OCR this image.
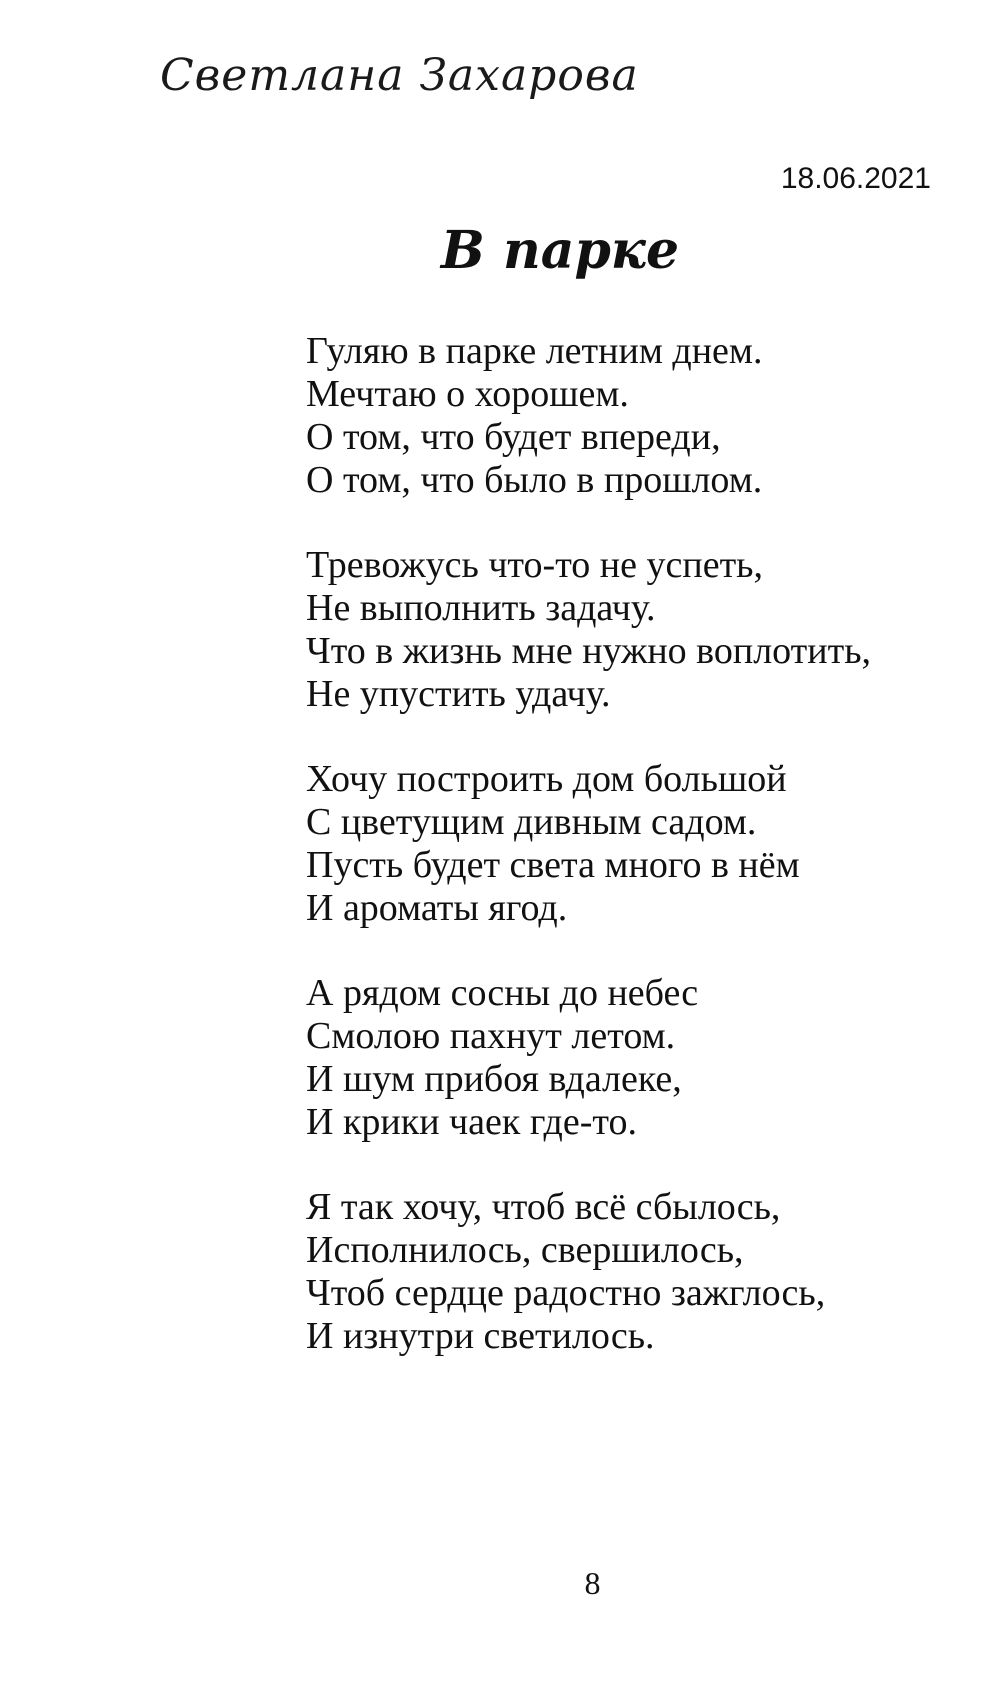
Светлана Захарова
18.06.2021
В парке
Гуляю в парке летним днем.
Мечтаю о хорошем.
О том, что будет впереди,
О том, что было в прошлом.
Тревожусь что-то не успеть,
Не выполнить задачу.
Что в жизнь мне нужно воплотить,
Не упустить удачу.
Хочу построить дом большой
С цветущим дивным садом.
Пусть будет света много в нём
И ароматы ягод.
А рядом сосны до небес
Смолою пахнут летом.
И шум прибоя вдалеке,
И крики чаек где-то.
Я так хочу, чтоб всё сбылось,
Исполнилось, свершилось,
Чтоб сердце радостно зажглось,
И изнутри светилось.
8
